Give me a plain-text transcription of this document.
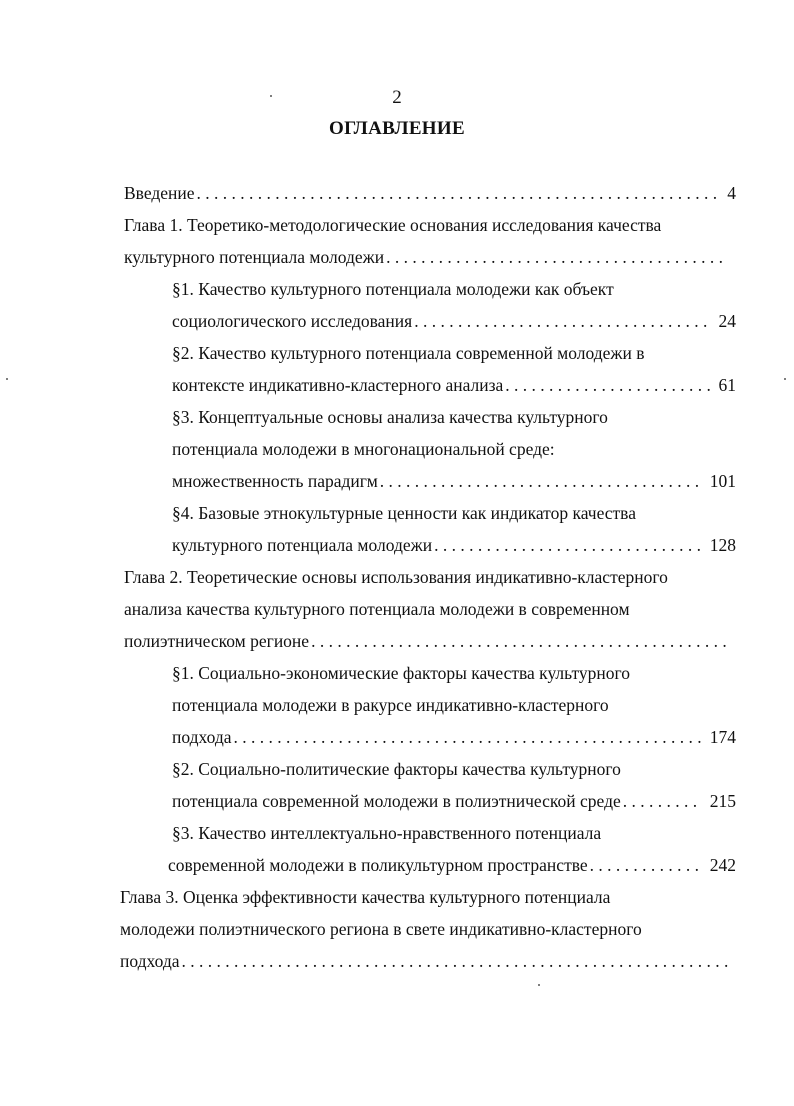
2
ОГЛАВЛЕНИЕ
Введение . . .	4
Глава 1. Теоретико-методологические основания исследования качества
культурного потенциала молодежи
. . .
§1. Качество культурного потенциала молодежи как объект
социологического исследования . . .	24
§2. Качество культурного потенциала современной молодежи в
контексте индикативно-кластерного анализа . . .	61
§3. Концептуальные основы анализа качества культурного
потенциала молодежи в многонациональной среде:
множественность парадигм . . .	101
§4. Базовые этнокультурные ценности как индикатор качества
культурного потенциала молодежи . . .	128
Глава 2. Теоретические основы использования индикативно-кластерного
анализа качества культурного потенциала молодежи в современном
полиэтническом регионе
. . .
§1. Социально-экономические факторы качества культурного
потенциала молодежи в ракурсе индикативно-кластерного
подхода . . .	174
§2. Социально-политические факторы качества культурного
потенциала современной молодежи в полиэтнической среде . . .	215
§3. Качество интеллектуально-нравственного потенциала
современной молодежи в поликультурном пространстве . . .	242
Глава 3. Оценка эффективности качества культурного потенциала
молодежи полиэтнического региона в свете индикативно-кластерного
подхода
. . .
